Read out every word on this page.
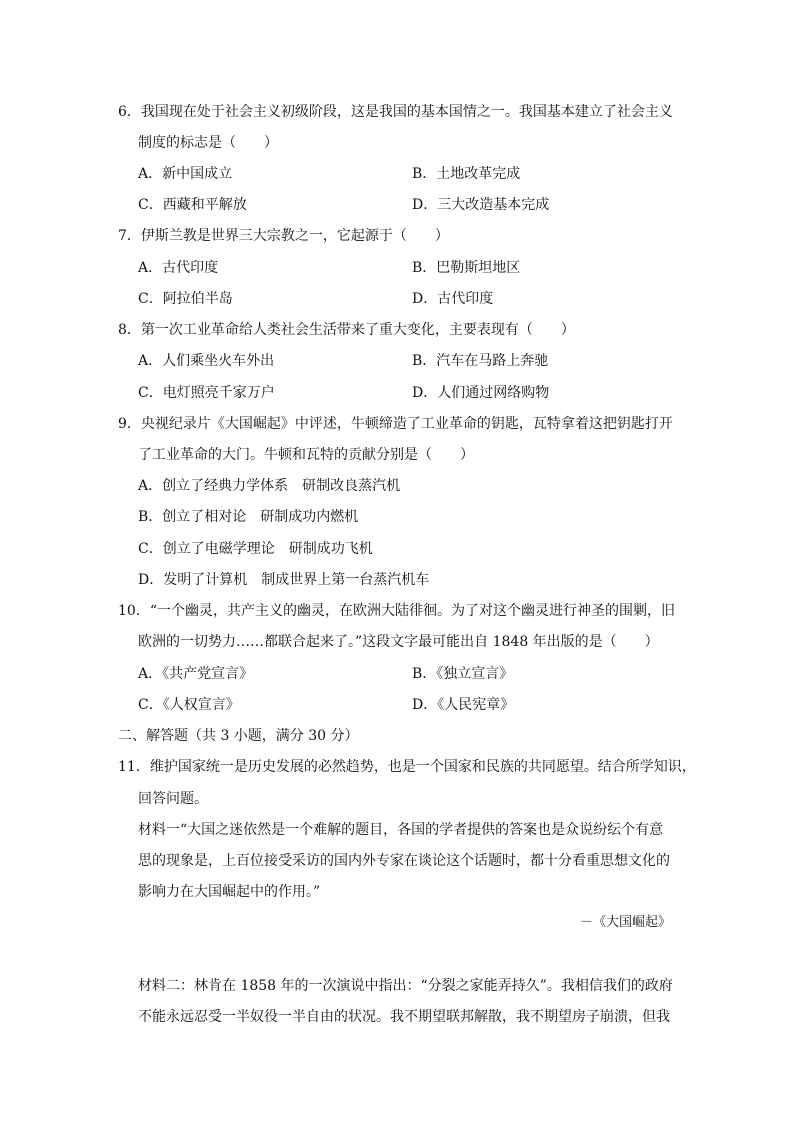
6．我国现在处于社会主义初级阶段，这是我国的基本国情之一。我国基本建立了社会主义
制度的标志是（　　）
A．新中国成立	B．土地改革完成
C．西藏和平解放	D．三大改造基本完成
7．伊斯兰教是世界三大宗教之一，它起源于（　　）
A．古代印度	B．巴勒斯坦地区
C．阿拉伯半岛	D．古代印度
8．第一次工业革命给人类社会生活带来了重大变化，主要表现有（　　）
A．人们乘坐火车外出	B．汽车在马路上奔驰
C．电灯照亮千家万户	D．人们通过网络购物
9．央视纪录片《大国崛起》中评述，牛顿缔造了工业革命的钥匙，瓦特拿着这把钥匙打开
了工业革命的大门。牛顿和瓦特的贡献分别是（　　）
A．创立了经典力学体系　研制改良蒸汽机
B．创立了相对论　研制成功内燃机
C．创立了电磁学理论　研制成功飞机
D．发明了计算机　制成世界上第一台蒸汽机车
10．“一个幽灵，共产主义的幽灵，在欧洲大陆徘徊。为了对这个幽灵进行神圣的围剿，旧
欧洲的一切势力……都联合起来了。”这段文字最可能出自 1848 年出版的是（　　）
A．《共产党宣言》	B．《独立宣言》
C．《人权宣言》	D．《人民宪章》
二、解答题（共 3 小题，满分 30 分）
11．维护国家统一是历史发展的必然趋势，也是一个国家和民族的共同愿望。结合所学知识，
回答问题。
材料一“大国之迷依然是一个难解的题目，各国的学者提供的答案也是众说纷纭个有意
思的现象是，上百位接受采访的国内外专家在谈论这个话题时，都十分看重思想文化的
影响力在大国崛起中的作用。”
－《大国崛起》
材料二：林肯在 1858 年的一次演说中指出：“分裂之家能弄持久”。我相信我们的政府
不能永远忍受一半奴役一半自由的状况。我不期望联邦解散，我不期望房子崩溃，但我
